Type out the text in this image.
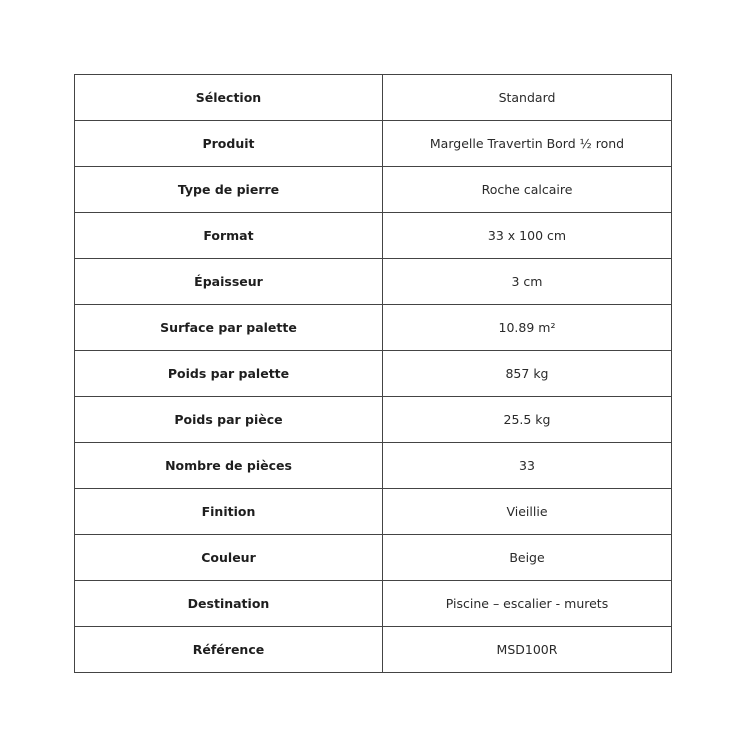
Sélection	Standard
Produit	Margelle Travertin Bord ½ rond
Type de pierre	Roche calcaire
Format	33 x 100 cm
Épaisseur	3 cm
Surface par palette	10.89 m²
Poids par palette	857 kg
Poids par pièce	25.5 kg
Nombre de pièces	33
Finition	Vieillie
Couleur	Beige
Destination	Piscine – escalier - murets
Référence	MSD100R
